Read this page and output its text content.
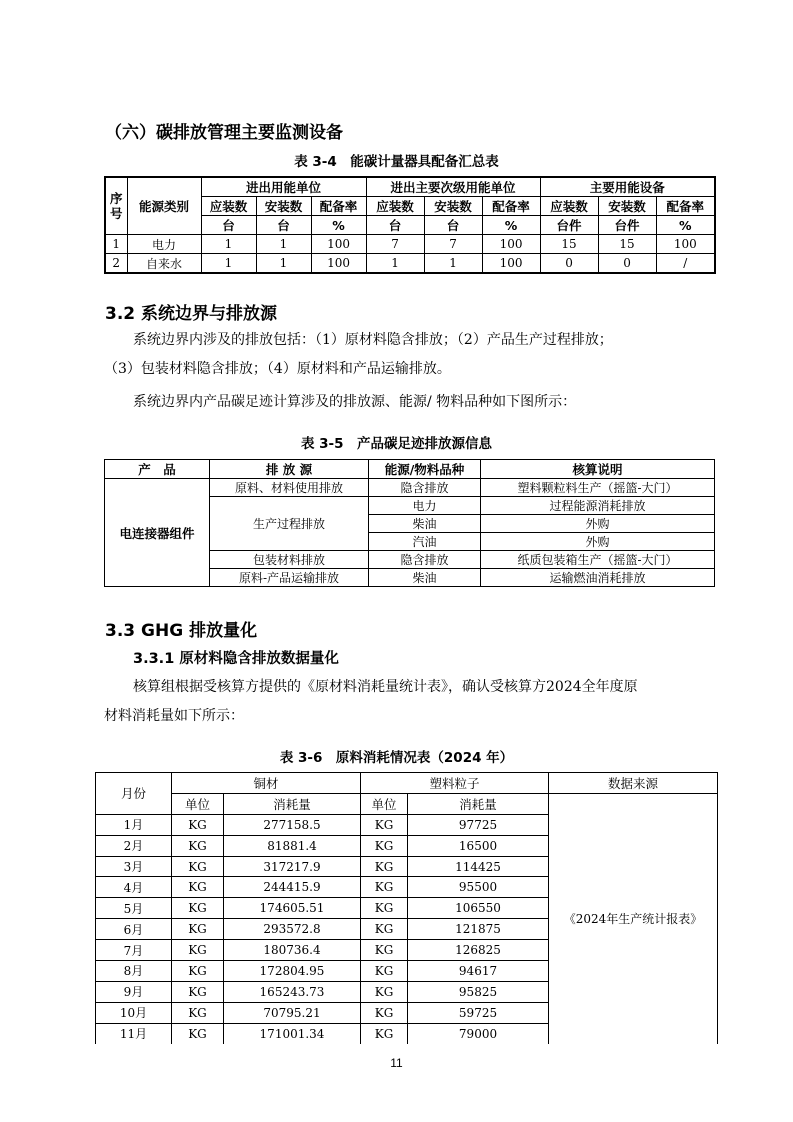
（六）碳排放管理主要监测设备
表 3-4　能碳计量器具配备汇总表
序号	能源类别	进出用能单位			进出主要次级用能单位			主要用能设备		
		应装数	安装数	配备率	应装数	安装数	配备率	应装数	安装数	配备率
		台	台	%	台	台	%	台件	台件	%
1	电力	1	1	100	7	7	100	15	15	100
2	自来水	1	1	100	1	1	100	0	0	/
3.2 系统边界与排放源
系统边界内涉及的排放包括：（1）原材料隐含排放；（2）产品生产过程排放；
（3）包装材料隐含排放；（4）原材料和产品运输排放。
系统边界内产品碳足迹计算涉及的排放源、能源/ 物料品种如下图所示：
表 3-5　产品碳足迹排放源信息
产　品	排 放 源	能源/物料品种	核算说明
电连接器组件	原料、材料使用排放	隐含排放	塑料颗粒料生产（摇篮-大门）
	生产过程排放	电力	过程能源消耗排放
		柴油	外购
		汽油	外购
	包装材料排放	隐含排放	纸质包装箱生产（摇篮-大门）
	原料-产品运输排放	柴油	运输燃油消耗排放
3.3 GHG 排放量化
3.3.1 原材料隐含排放数据量化
核算组根据受核算方提供的《原材料消耗量统计表》，确认受核算方2024全年度原
材料消耗量如下所示：
表 3-6　原料消耗情况表（2024 年）
月份	铜材		塑料粒子		数据来源
	单位	消耗量	单位	消耗量	《2024年生产统计报表》
1月	KG	277158.5	KG	97725	
2月	KG	81881.4	KG	16500	
3月	KG	317217.9	KG	114425	
4月	KG	244415.9	KG	95500	
5月	KG	174605.51	KG	106550	
6月	KG	293572.8	KG	121875	
7月	KG	180736.4	KG	126825	
8月	KG	172804.95	KG	94617	
9月	KG	165243.73	KG	95825	
10月	KG	70795.21	KG	59725	
11月	KG	171001.34	KG	79000	
11
